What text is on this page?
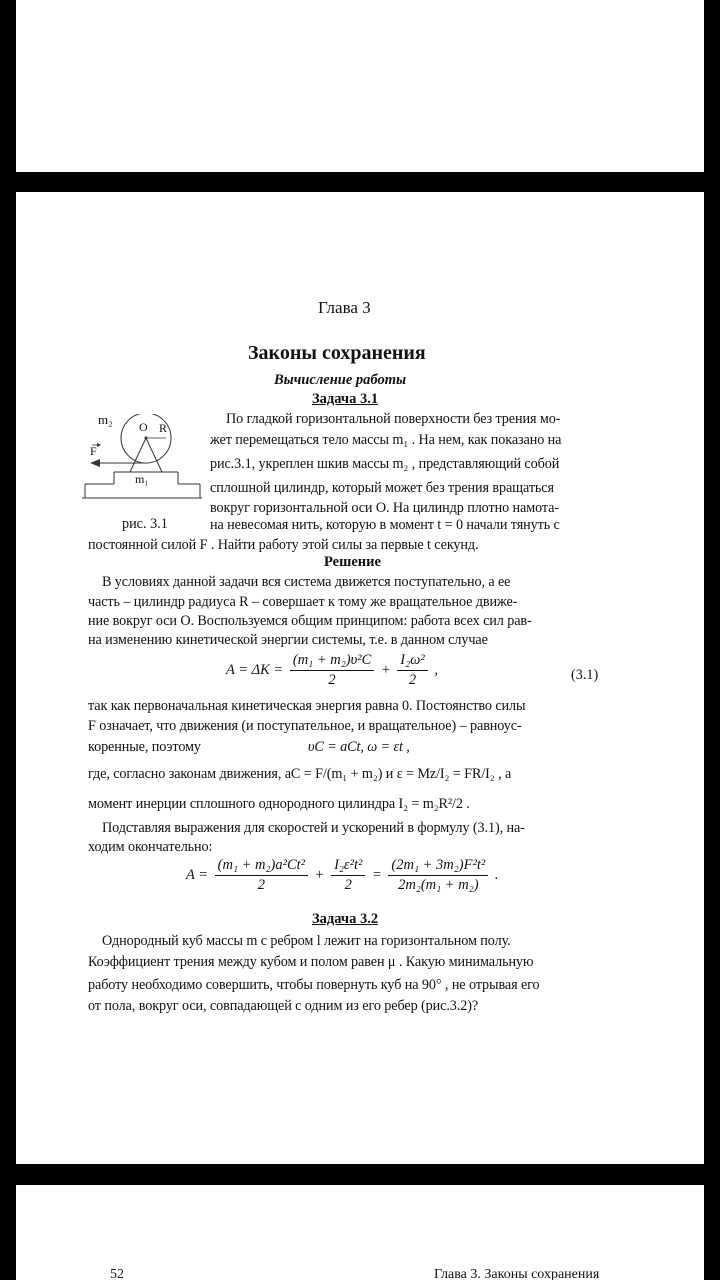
Глава 3
Законы сохранения
Вычисление работы
Задача 3.1
m₂ O R
F
m₁
рис. 3.1
По гладкой горизонтальной поверхности без трения мо-
жет перемещаться тело массы m₁ . На нем, как показано на
рис.3.1, укреплен шкив массы m₂ , представляющий собой
сплошной цилиндр, который может без трения вращаться
вокруг горизонтальной оси O. На цилиндр плотно намота-
на невесомая нить, которую в момент t = 0 начали тянуть с
постоянной силой F . Найти работу этой силы за первые t секунд.
Решение
В условиях данной задачи вся система движется поступательно, а ее
часть – цилиндр радиуса R – совершает к тому же вращательное движе-
ние вокруг оси O. Воспользуемся общим принципом: работа всех сил рав-
на изменению кинетической энергии системы, т.е. в данном случае
$A = \Delta K = \frac{\text{(m₁ + m₂)υ²C}}{2} + \frac{\text{I₂ω²}}{2}$ ,	(3.1)
так как первоначальная кинетическая энергия равна 0. Постоянство силы
F означает, что движения (и поступательное, и вращательное) – равноус-
коренные, поэтому	υC = aCt, ω = εt ,
где, согласно законам движения, aC = F/(m₁ + m₂) и ε = Mz/I₂ = FR/I₂ , а
момент инерции сплошного однородного цилиндра I₂ = m₂R²/2 .
Подставляя выражения для скоростей и ускорений в формулу (3.1), на-
ходим окончательно:
$A = \frac{\text{(m₁ + m₂)a²Ct²}}{2} + \frac{\text{I₂ε²t²}}{2} = \frac{\text{(2m₁ + 3m₂)F²t²}}{\text{2m₂(m₁ + m₂)}}$ .
Задача 3.2
Однородный куб массы m с ребром l лежит на горизонтальном полу.
Коэффициент трения между кубом и полом равен μ . Какую минимальную
работу необходимо совершить, чтобы повернуть куб на 90° , не отрывая его
от пола, вокруг оси, совпадающей с одним из его ребер (рис.3.2)?
52	Глава 3. Законы сохранения
